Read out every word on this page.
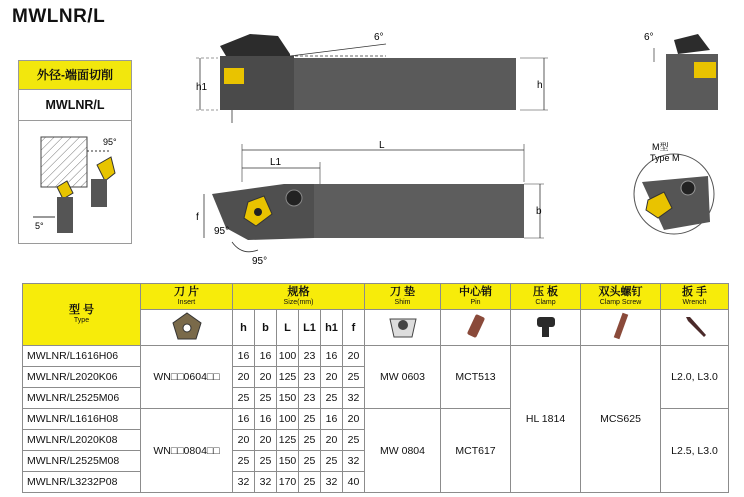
MWLNR/L
外径-端面切削
MWLNR/L
95°
5°
h1	h
6°	6°
L
L1
b
f
95°
95°
M型
Type M
型 号
Type	刀 片
Insert	规格
Size(mm)						刀 垫
Shim	中心销
Pin	压 板
Clamp	双头螺钉
Clamp Screw	扳 手
Wrench

	h	b	L	L1	h1	f					
MWLNR/L1616H06	WN□□0604□□	16	16	100	23	16	20	MW 0603	MCT513	HL 1814	MCS625	L2.0, L3.0
MWLNR/L2020K06		20	20	125	23	20	25					
MWLNR/L2525M06		25	25	150	23	25	32					
MWLNR/L1616H08	WN□□0804□□	16	16	100	25	16	20	MW 0804	MCT617			L2.5, L3.0
MWLNR/L2020K08		20	20	125	25	20	25					
MWLNR/L2525M08		25	25	150	25	25	32					
MWLNR/L3232P08		32	32	170	25	32	40					
